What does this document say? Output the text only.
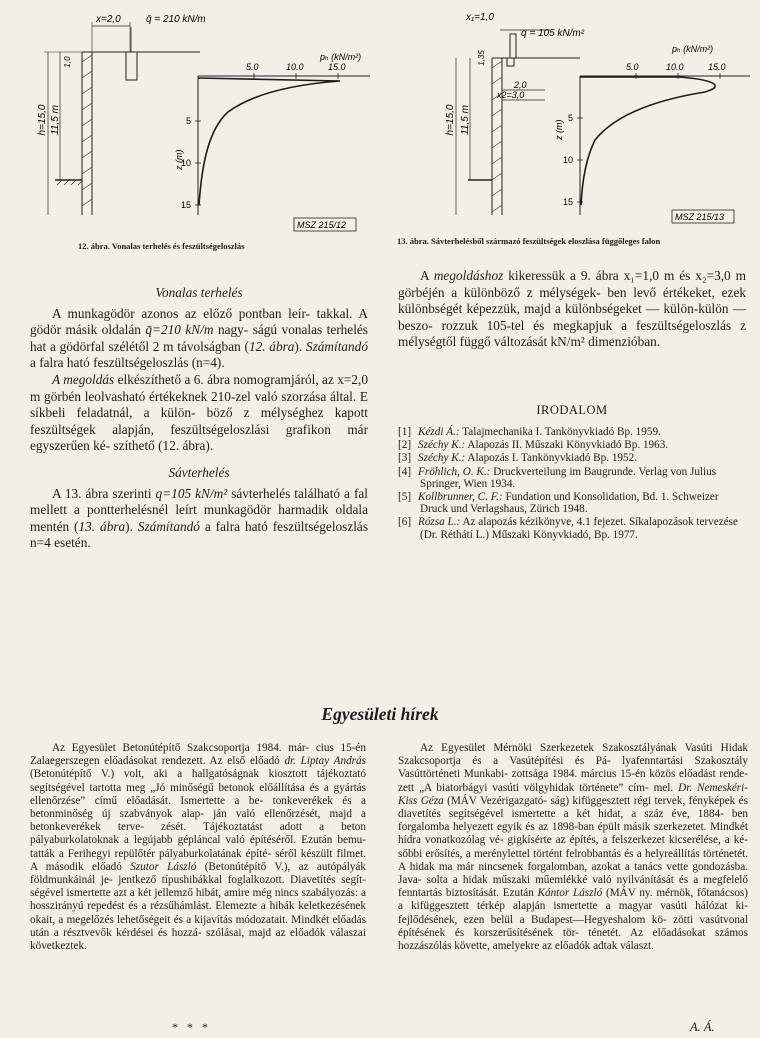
x=2,0	q̄ = 210 kN/m
1,0
h=15,0 11,5 m
pₕ (kN/m²)
5.0	10.0	15.0
z (m)
5
10
15
MSZ 215/12
12. ábra. Vonalas terhelés és feszültségeloszlás
x₁=1,0
q = 105 kN/m²
1,35
h=15,0 11,5 m
2,0
x2=3,0
pₕ (kN/m²)
5.0	10.0	15.0
z (m)
5
10
15
MSZ 215/13
13. ábra. Sávterhelésből származó feszültségek eloszlása függőleges falon

Vonalas terhelés

A munkagödör azonos az előző pontban leír- takkal. A gödör másik oldalán q̄=210 kN/m nagy- ságú vonalas terhelés hat a gödörfal szélétől 2 m távolságban (12. ábra). Számítandó a falra ható feszültségeloszlás (n=4).

A megoldás elkészíthető a 6. ábra nomogramjáról, az x=2,0 m görbén leolvasható értékeknek 210-zel való szorzása által. E síkbeli feladatnál, a külön- böző z mélységhez kapott feszültségek alapján, feszültségeloszlási grafikon már egyszerűen ké- szíthető (12. ábra).

Sávterhelés

A 13. ábra szerinti q=105 kN/m² sávterhelés található a fal mellett a pontterhelésnél leírt munkagödör harmadik oldala mentén (13. ábra). Számítandó a falra ható feszültségeloszlás n=4 esetén.

A megoldáshoz kikeressük a 9. ábra x₁=1,0 m és x₂=3,0 m görbéjén a különböző z mélységek- ben levő értékeket, ezek különbségét képezzük, majd a különbségeket — külön-külön — beszo- rozzuk 105-tel és megkapjuk a feszültségeloszlás z mélységtől függő változását kN/m² dimenzióban.

IRODALOM
[1] Kézdi Á.: Talajmechanika I. Tankönyvkiadó Bp. 1959.
[2] Széchy K.: Alapozás II. Műszaki Könyvkiadó Bp. 1963.
[3] Széchy K.: Alapozás I. Tankönyvkiadó Bp. 1952.
[4] Fröhlich, O. K.: Druckverteilung im Baugrunde. Verlag von Julius Springer, Wien 1934.
[5] Kollbrunner, C. F.: Fundation und Konsolidation, Bd. 1. Schweizer Druck und Verlagshaus, Zürich 1948.
[6] Rózsa L.: Az alapozás kézikönyve, 4.1 fejezet. Síkalapozások tervezése (Dr. Réthátí L.) Műszaki Könyvkiadó, Bp. 1977.
Egyesületi hírek

Az Egyesület Betonútépítő Szakcsoportja 1984. már- cius 15-én Zalaegerszegen előadásokat rendezett. Az első előadó dr. Liptay András (Betonútépítő V.) volt, aki a hallgatóságnak kiosztott tájékoztató segítségével tartotta meg „Jó minőségű betonok előállítása és a gyártás ellenőrzése” című előadását. Ismertette a be- tonkeverékek és a betonminőség új szabványok alap- ján való ellenőrzését, majd a betonkeverékek terve- zését. Tájékoztatást adott a beton pályaburkolatoknak a legújabb gépláncal való építéséről. Ezután bemu- tatták a Ferihegyi repülőtér pályaburkolatának építé- séről készült filmet. A második előadó Szutor László (Betonútépítő V.), az autópályák földmunkáinál je- jentkező típushibákkal foglalkozott. Diavetítés segít- ségével ismertette azt a két jellemző hibát, amire még nincs szabályozás: a hosszirányú repedést és a rézsűhámlást. Elemezte a hibák keletkezésének okait, a megelőzés lehetőségeit és a kijavítás módozatait. Mindkét előadás után a résztvevők kérdései és hozzá- szólásai, majd az előadók válaszai következtek.

*   *   *

Az Egyesület Mérnöki Szerkezetek Szakosztályának Vasúti Hidak Szakcsoportja és a Vasútépítési és Pá- lyafenntartási Szakosztály Vasúttörténeti Munkabi- zottsága 1984. március 15-én közös előadást rende- zett „A biatorbágyi vasúti völgyhidak története” cím- mel. Dr. Nemeskéri-Kiss Géza (MÁV Vezérigazgató- ság) kifüggesztett régi tervek, fényképek és diavetítés segítségével ismertette a két hidat, a száz éve, 1884- ben forgalomba helyezett egyik és az 1898-ban épült másik szerkezetet. Mindkét hídra vonatkozólag vé- gigkísérte az építés, a felszerkezet kicserélése, a ké- sőbbi erősítés, a merénylettel történt felrobbantás és a helyreállítás történetét. A hidak ma már nincsenek forgalomban, azokat a tanács vette gondozásba. Java- solta a hidak műszaki műemlékké való nyilvánítását és a megfelelő fenntartás biztosítását. Ezután Kántor László (MÁV ny. mérnök, főtanácsos) a kifüggesztett térkép alapján ismertette a magyar vasúti hálózat ki- fejlődésének, ezen belül a Budapest—Hegyeshalom kö- zötti vasútvonal építésének és korszerűsítésének tör- ténetét. Az előadásokat számos hozzászólás követte, amelyekre az előadók adtak választ.

A. Á.
